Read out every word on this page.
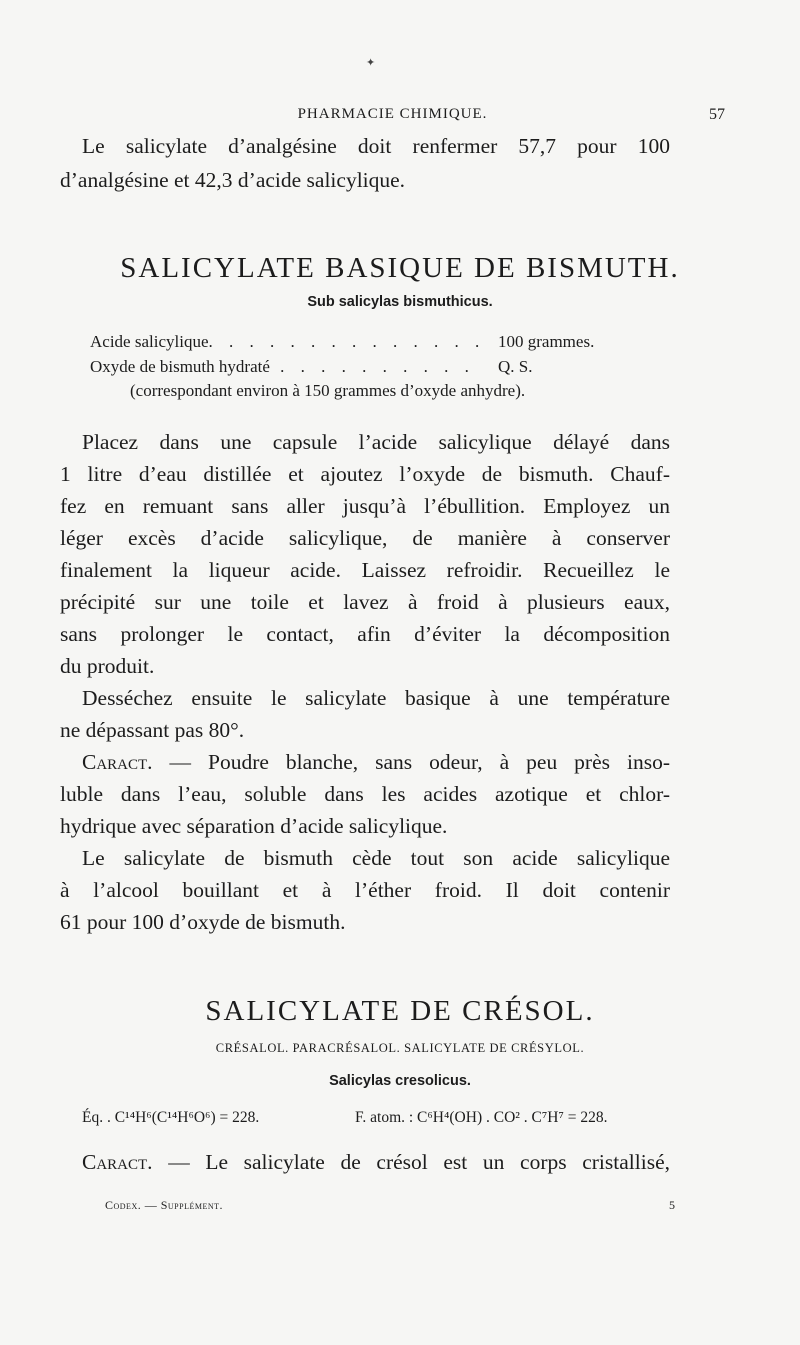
✦
PHARMACIE CHIMIQUE.	57
Le salicylate d’analgésine doit renfermer 57,7 pour 100
d’analgésine et 42,3 d’acide salicylique.
SALICYLATE BASIQUE DE BISMUTH.
Sub salicylas bismuthicus.
Acide salicylique. . . . . . . . . . . . . . 100 grammes.
Oxyde de bismuth hydraté . . . . . . . . . . Q. S.
(correspondant environ à 150 grammes d’oxyde anhydre).
Placez dans une capsule l’acide salicylique délayé dans
1 litre d’eau distillée et ajoutez l’oxyde de bismuth. Chauf-
fez en remuant sans aller jusqu’à l’ébullition. Employez un
léger excès d’acide salicylique, de manière à conserver
finalement la liqueur acide. Laissez refroidir. Recueillez le
précipité sur une toile et lavez à froid à plusieurs eaux,
sans prolonger le contact, afin d’éviter la décomposition
du produit.
Desséchez ensuite le salicylate basique à une température
ne dépassant pas 80°.
Caract. — Poudre blanche, sans odeur, à peu près inso-
luble dans l’eau, soluble dans les acides azotique et chlor-
hydrique avec séparation d’acide salicylique.
Le salicylate de bismuth cède tout son acide salicylique
à l’alcool bouillant et à l’éther froid. Il doit contenir
61 pour 100 d’oxyde de bismuth.
SALICYLATE DE CRÉSOL.
CRÉSALOL. PARACRÉSALOL. SALICYLATE DE CRÉSYLOL.
Salicylas cresolicus.
Éq. . C¹⁴H⁶(C¹⁴H⁶O⁶) = 228.	F. atom. : C⁶H⁴(OH) . CO² . C⁷H⁷ = 228.
Caract. — Le salicylate de crésol est un corps cristallisé,
Codex. — Supplément.	5
